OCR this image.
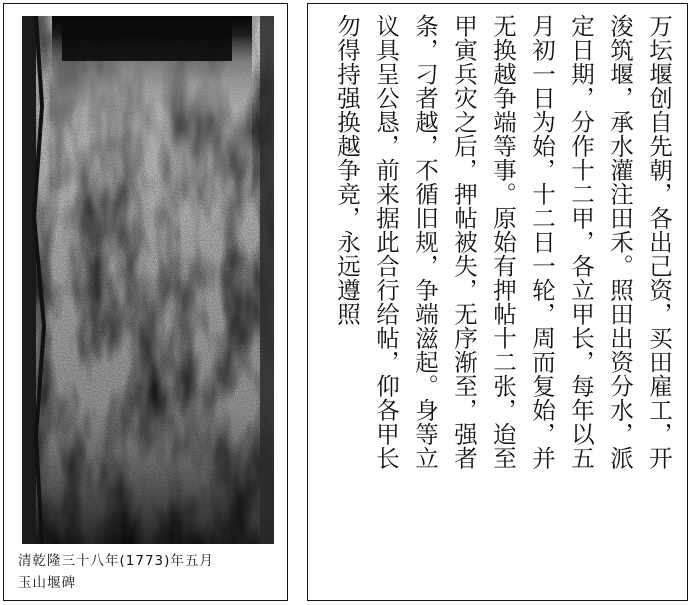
清乾隆三十八年(1773)年五月
玉山堰碑
万坛堰创自先朝，各出己资，买田雇工，开
浚筑堰，承水灌注田禾。照田出资分水，派
定日期，分作十二甲，各立甲长，每年以五
月初一日为始，十二日一轮，周而复始，并
无换越争端等事。原始有押帖十二张，迨至
甲寅兵灾之后，押帖被失，无序渐至，强者
条，刁者越，不循旧规，争端滋起。身等立
议具呈公恳，前来据此合行给帖，仰各甲长
勿得持强换越争竞，永远遵照
